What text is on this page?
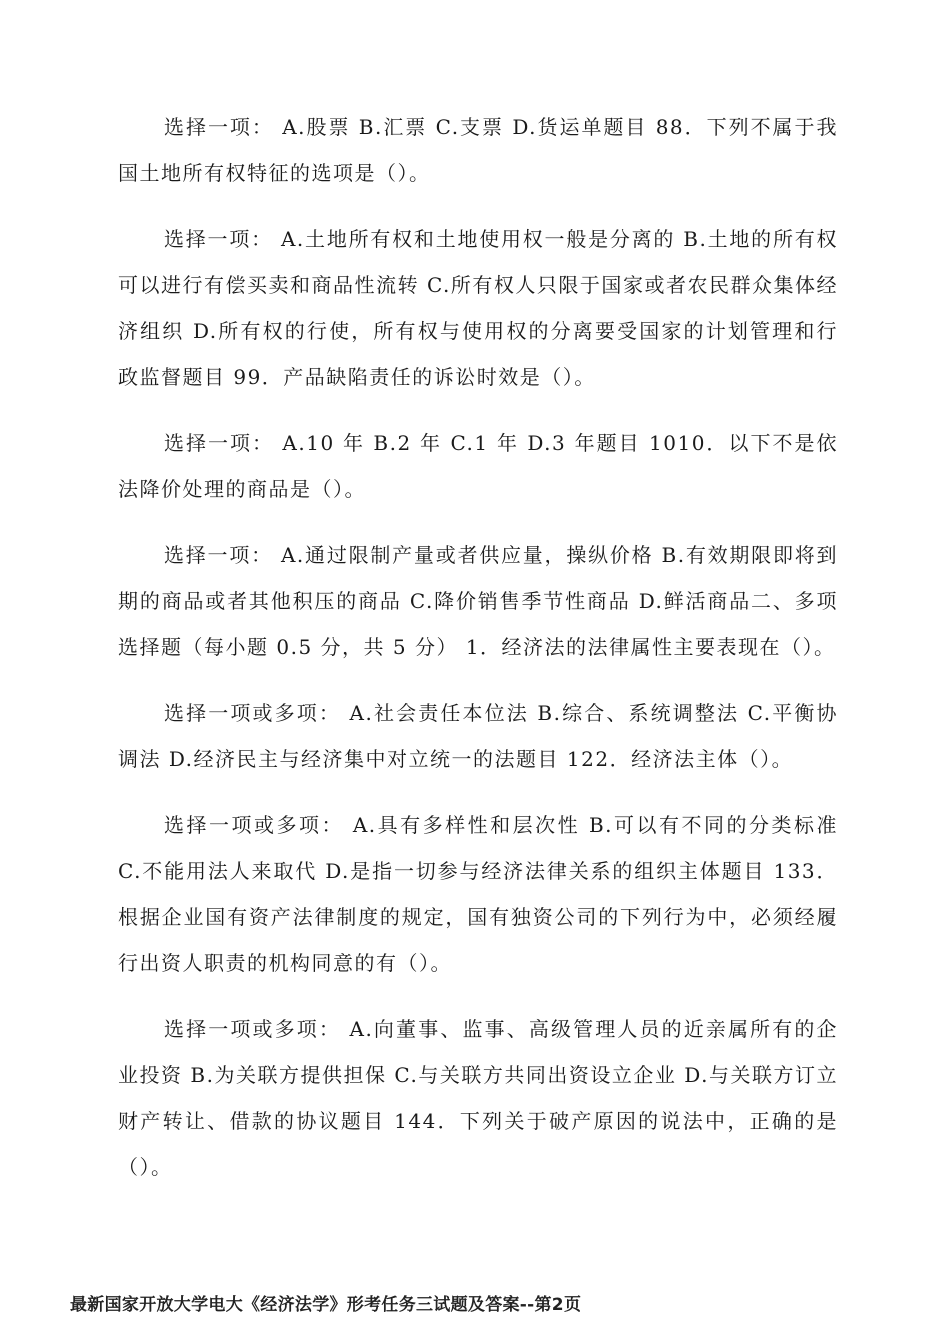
选择一项： A.股票 B.汇票 C.支票 D.货运单题目 88．下列不属于我国土地所有权特征的选项是（）。

选择一项： A.土地所有权和土地使用权一般是分离的 B.土地的所有权可以进行有偿买卖和商品性流转 C.所有权人只限于国家或者农民群众集体经济组织 D.所有权的行使，所有权与使用权的分离要受国家的计划管理和行政监督题目 99．产品缺陷责任的诉讼时效是（）。

选择一项： A.10 年 B.2 年 C.1 年 D.3 年题目 1010．以下不是依法降价处理的商品是（）。

选择一项： A.通过限制产量或者供应量，操纵价格 B.有效期限即将到期的商品或者其他积压的商品 C.降价销售季节性商品 D.鲜活商品二、多项选择题（每小题 0.5 分，共 5 分） 1．经济法的法律属性主要表现在（）。

选择一项或多项： A.社会责任本位法 B.综合、系统调整法 C.平衡协调法 D.经济民主与经济集中对立统一的法题目 122．经济法主体（）。

选择一项或多项： A.具有多样性和层次性 B.可以有不同的分类标准 C.不能用法人来取代 D.是指一切参与经济法律关系的组织主体题目 133．根据企业国有资产法律制度的规定，国有独资公司的下列行为中，必须经履行出资人职责的机构同意的有（）。

选择一项或多项： A.向董事、监事、高级管理人员的近亲属所有的企业投资 B.为关联方提供担保 C.与关联方共同出资设立企业 D.与关联方订立财产转让、借款的协议题目 144．下列关于破产原因的说法中，正确的是（）。

最新国家开放大学电大《经济法学》形考任务三试题及答案--第2页
